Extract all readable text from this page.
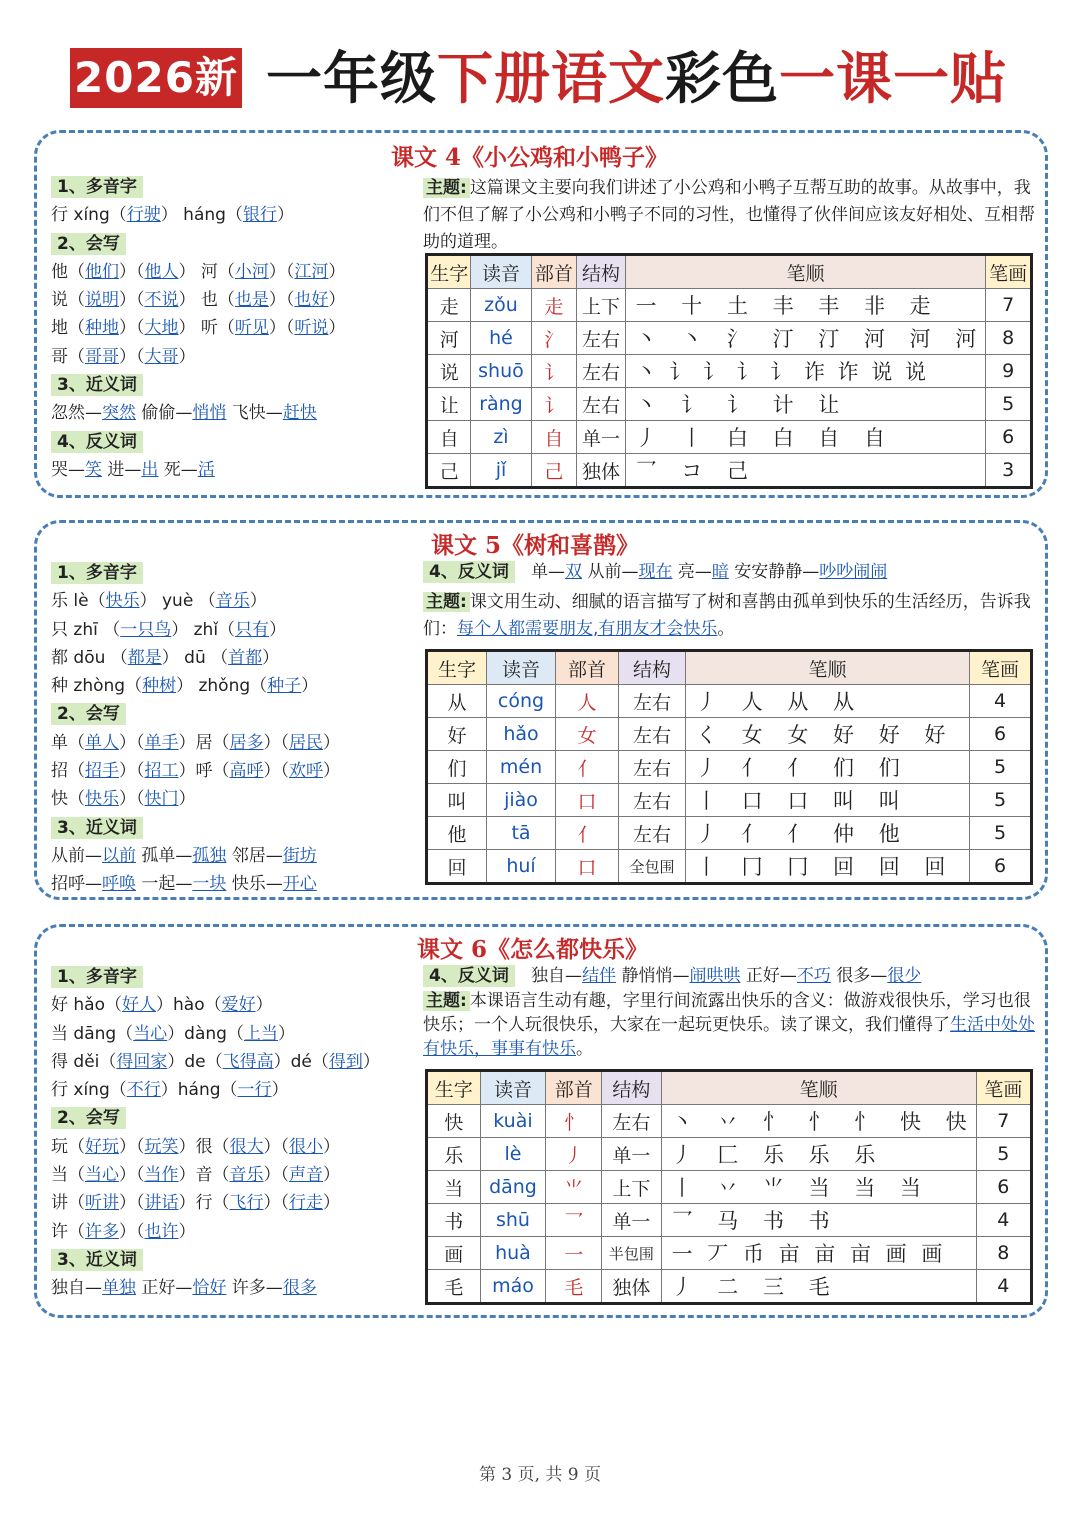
2026新 一年级下册语文彩色一课一贴
课文 4《小公鸡和小鸭子》
1、多音字
行 xíng（行驶） háng（银行）
2、会写
他（他们）（他人） 河（小河）（江河）
说（说明）（不说） 也（也是）（也好）
地（种地）（大地） 听（听见）（听说）
哥（哥哥）（大哥）
3、近义词
忽然—突然 偷偷—悄悄 飞快—赶快
4、反义词
哭—笑 进—出 死—活
主题: 这篇课文主要向我们讲述了小公鸡和小鸭子互帮互助的故事。从故事中，我们不但了解了小公鸡和小鸭子不同的习性，也懂得了伙伴间应该友好相处、互相帮助的道理。
生字	读音	部首	结构	笔顺	笔画
走	zǒu	走	上下	一 十 土 丰 丰 非 走	7
河	hé	氵	左右	丶 丶 氵 汀 汀 河 河 河	8
说	shuō	讠	左右	丶 讠 讠 讠 讠 诈 诈 说 说	9
让	ràng	讠	左右	丶 讠 讠 计 让	5
自	zì	自	单一	丿 丨 白 白 自 自	6
己	jǐ	己	独体	乛 コ 己	3
课文 5《树和喜鹊》
1、多音字
乐 lè（快乐） yuè （音乐）
只 zhī （一只鸟） zhǐ（只有）
都 dōu （都是） dū （首都）
种 zhòng（种树） zhǒng（种子）
2、会写
单（单人）（单手）居（居多）（居民）
招（招手）（招工）呼（高呼）（欢呼）
快（快乐）（快门）
3、近义词
从前—以前 孤单—孤独 邻居—街坊
招呼—呼唤 一起—一块 快乐—开心
4、反义词 单—双 从前—现在 亮—暗 安安静静—吵吵闹闹
主题: 课文用生动、细腻的语言描写了树和喜鹊由孤单到快乐的生活经历，告诉我们：每个人都需要朋友,有朋友才会快乐。
生字	读音	部首	结构	笔顺	笔画
从	cóng	人	左右	丿 人 从 从	4
好	hǎo	女	左右	く 女 女 好 好 好	6
们	mén	亻	左右	丿 亻 亻 们 们	5
叫	jiào	口	左右	丨 口 口 叫 叫	5
他	tā	亻	左右	丿 亻 亻 仲 他	5
回	huí	口	全包围	丨 冂 冂 回 回 回	6
课文 6《怎么都快乐》
1、多音字
好 hǎo（好人）hào（爱好）
当 dāng（当心）dàng（上当）
得 děi（得回家）de（飞得高）dé（得到）
行 xíng（不行）háng（一行）
2、会写
玩（好玩）（玩笑）很（很大）（很小）
当（当心）（当作）音（音乐）（声音）
讲（听讲）（讲话）行（飞行）（行走）
许（许多）（也许）
3、近义词
独自—单独 正好—恰好 许多—很多
4、反义词 独自—结伴 静悄悄—闹哄哄 正好—不巧 很多—很少
主题: 本课语言生动有趣，字里行间流露出快乐的含义：做游戏很快乐，学习也很快乐；一个人玩很快乐，大家在一起玩更快乐。读了课文，我们懂得了生活中处处有快乐，事事有快乐。
生字	读音	部首	结构	笔顺	笔画
快	kuài	忄	左右	丶 丷 忄 忄 忄 快 快	7
乐	lè	丿	单一	丿 匚 乐 乐 乐	5
当	dāng	⺌	上下	丨 丷 ⺌ 当 当 当	6
书	shū	乛	单一	乛 马 书 书	4
画	huà	一	半包围	一 丆 币 亩 亩 亩 画 画	8
毛	máo	毛	独体	丿 二 三 毛	4
第 3 页, 共 9 页
